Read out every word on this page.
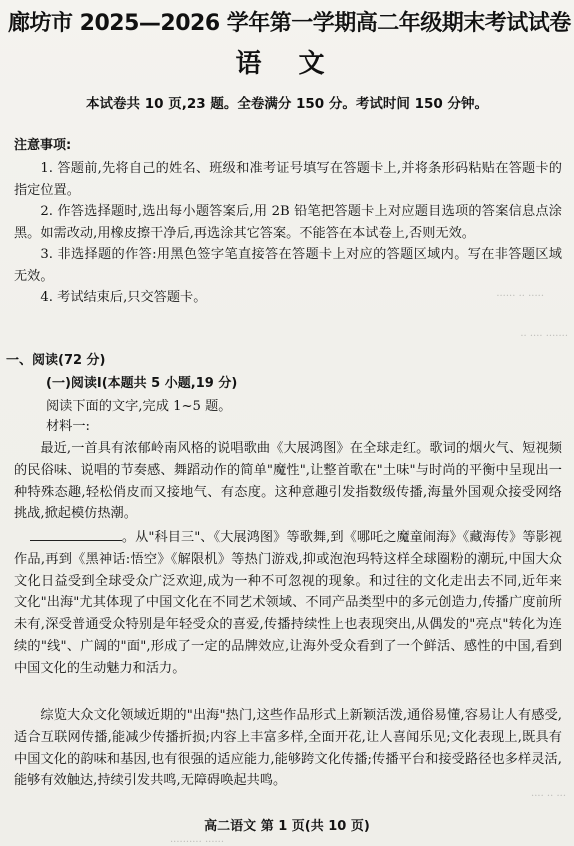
廊坊市 2025—2026 学年第一学期高二年级期末考试试卷
语 文
本试卷共 10 页,23 题。全卷满分 150 分。考试时间 150 分钟。
注意事项:
1. 答题前,先将自己的姓名、班级和准考证号填写在答题卡上,并将条形码粘贴在答题卡的指定位置。
2. 作答选择题时,选出每小题答案后,用 2B 铅笔把答题卡上对应题目选项的答案信息点涂黑。如需改动,用橡皮擦干净后,再选涂其它答案。不能答在本试卷上,否则无效。
3. 非选择题的作答:用黑色签字笔直接答在答题卡上对应的答题区域内。写在非答题区域无效。
4. 考试结束后,只交答题卡。
一、阅读(72 分)
(一)阅读Ⅰ(本题共 5 小题,19 分)
阅读下面的文字,完成 1~5 题。
材料一:

最近,一首具有浓郁岭南风格的说唱歌曲《大展鸿图》在全球走红。歌词的烟火气、短视频的民俗味、说唱的节奏感、舞蹈动作的简单"魔性",让整首歌在"土味"与时尚的平衡中呈现出一种特殊态趣,轻松俏皮而又接地气、有态度。这种意趣引发指数级传播,海量外国观众接受网络挑战,掀起模仿热潮。

。从"科目三"、《大展鸿图》等歌舞,到《哪吒之魔童闹海》《藏海传》等影视作品,再到《黑神话:悟空》《解限机》等热门游戏,抑或泡泡玛特这样全球圈粉的潮玩,中国大众文化日益受到全球受众广泛欢迎,成为一种不可忽视的现象。和过往的文化走出去不同,近年来文化"出海"尤其体现了中国文化在不同艺术领域、不同产品类型中的多元创造力,传播广度前所未有,深受普通受众特别是年轻受众的喜爱,传播持续性上也表现突出,从偶发的"亮点"转化为连续的"线"、广阔的"面",形成了一定的品牌效应,让海外受众看到了一个鲜活、感性的中国,看到中国文化的生动魅力和活力。

综览大众文化领域近期的"出海"热门,这些作品形式上新颖活泼,通俗易懂,容易让人有感受,适合互联网传播,能减少传播折损;内容上丰富多样,全面开花,让人喜闻乐见;文化表现上,既具有中国文化的韵味和基因,也有很强的适应能力,能够跨文化传播;传播平台和接受路径也多样灵活,能够有效触达,持续引发共鸣,无障碍唤起共鸣。

高二语文 第 1 页(共 10 页)
······ ·· ·····
·· ···· ·······
···· ·· ···
·········· ······
